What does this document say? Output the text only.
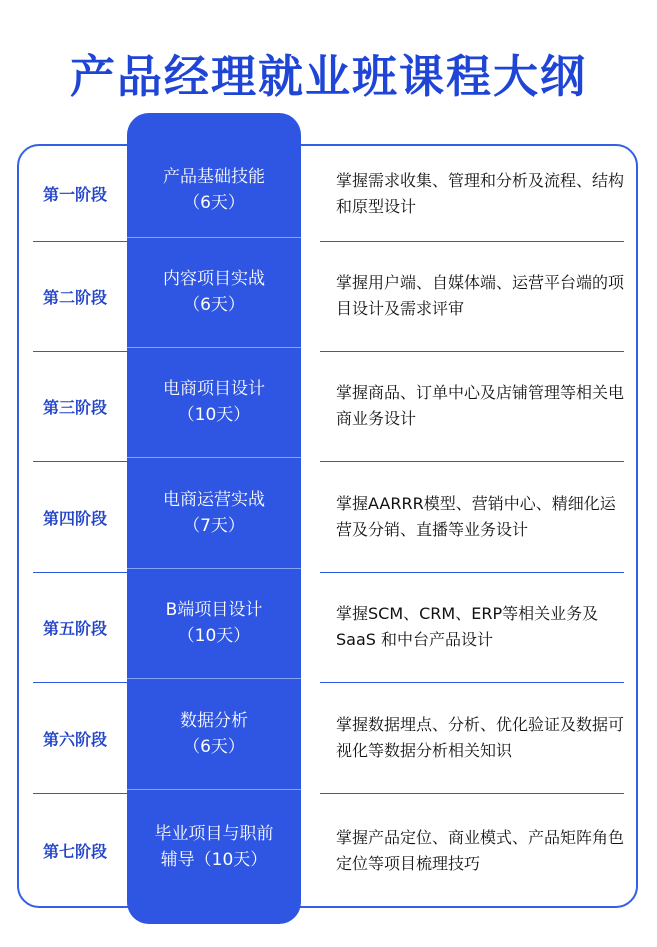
产品经理就业班课程大纲
第一阶段
第二阶段
第三阶段
第四阶段
第五阶段
第六阶段
第七阶段
掌握需求收集、管理和分析及流程、结构和原型设计
掌握用户端、自媒体端、运营平台端的项目设计及需求评审
掌握商品、订单中心及店铺管理等相关电商业务设计
掌握AARRR模型、营销中心、精细化运营及分销、直播等业务设计
掌握SCM、CRM、ERP等相关业务及SaaS 和中台产品设计
掌握数据埋点、分析、优化验证及数据可视化等数据分析相关知识
掌握产品定位、商业模式、产品矩阵角色定位等项目梳理技巧
产品基础技能
（6天）
内容项目实战
（6天）
电商项目设计
（10天）
电商运营实战
（7天）
B端项目设计
（10天）
数据分析
（6天）
毕业项目与职前
辅导（10天）
